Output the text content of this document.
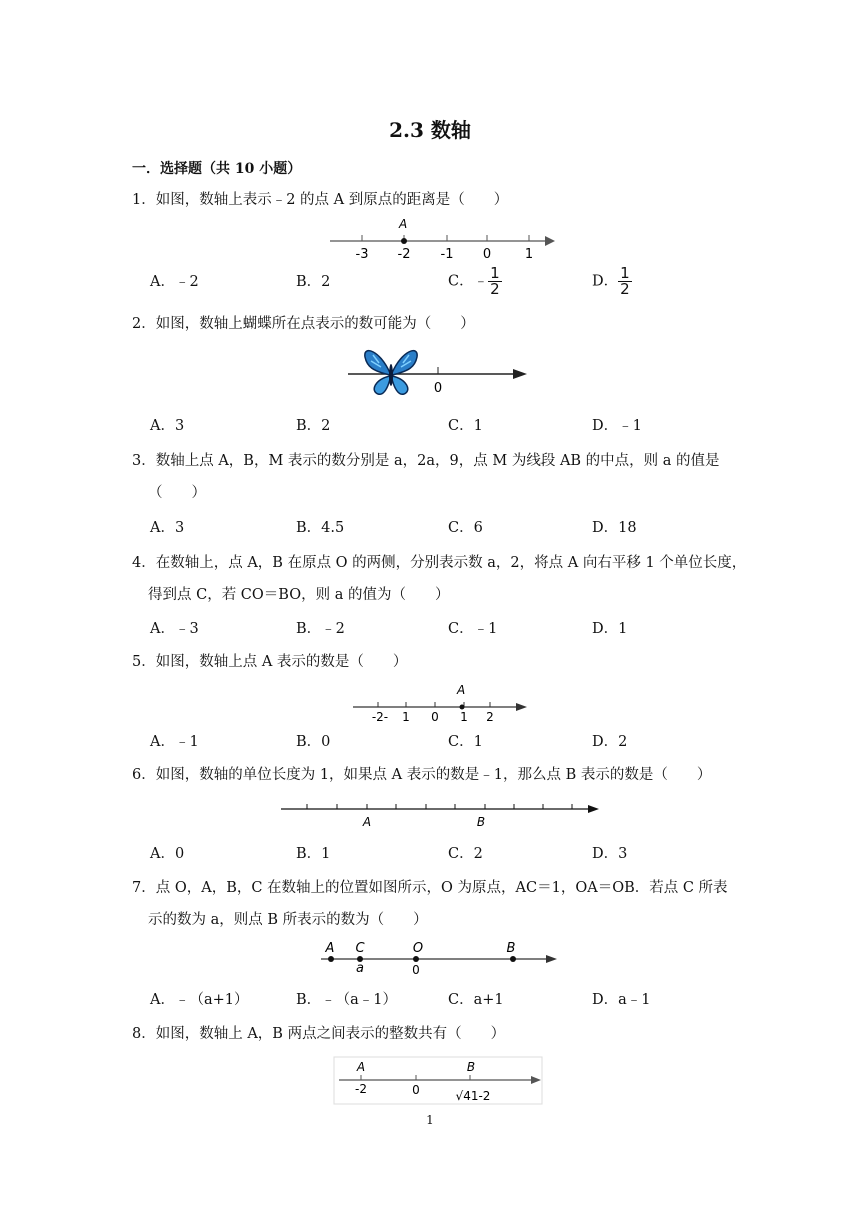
2.3 数轴
一．选择题（共 10 小题）
1．如图，数轴上表示﹣2 的点 A 到原点的距离是（　　）
A
-3 -2 -1 0	1
A．﹣2	B．2	C．﹣ $\frac{1}{2}$	D． $\frac{1}{2}$
2．如图，数轴上蝴蝶所在点表示的数可能为（　　）
0
A．3	B．2	C．1	D．﹣1
3．数轴上点 A，B，M 表示的数分别是 a，2a，9，点 M 为线段 AB 的中点，则 a 的值是
（　　）
A．3	B．4.5	C．6	D．18
4．在数轴上，点 A，B 在原点 O 的两侧，分别表示数 a，2，将点 A 向右平移 1 个单位长度，
得到点 C，若 CO＝BO，则 a 的值为（　　）
A．﹣3	B．﹣2	C．﹣1	D．1
5．如图，数轴上点 A 表示的数是（　　）
A
-2- 1 0 1 2
A．﹣1	B．0	C．1	D．2
6．如图，数轴的单位长度为 1，如果点 A 表示的数是﹣1，那么点 B 表示的数是（　　）
A	B
A．0	B．1	C．2	D．3
7．点 O，A，B，C 在数轴上的位置如图所示，O 为原点，AC＝1，OA＝OB．若点 C 所表
示的数为 a，则点 B 所表示的数为（　　）
A C	O	B
a	0
A．﹣（a+1）	B．﹣（a﹣1）	C．a+1	D．a﹣1
8．如图，数轴上 A，B 两点之间表示的整数共有（　　）
A	B
-2	0	√41-2
1
